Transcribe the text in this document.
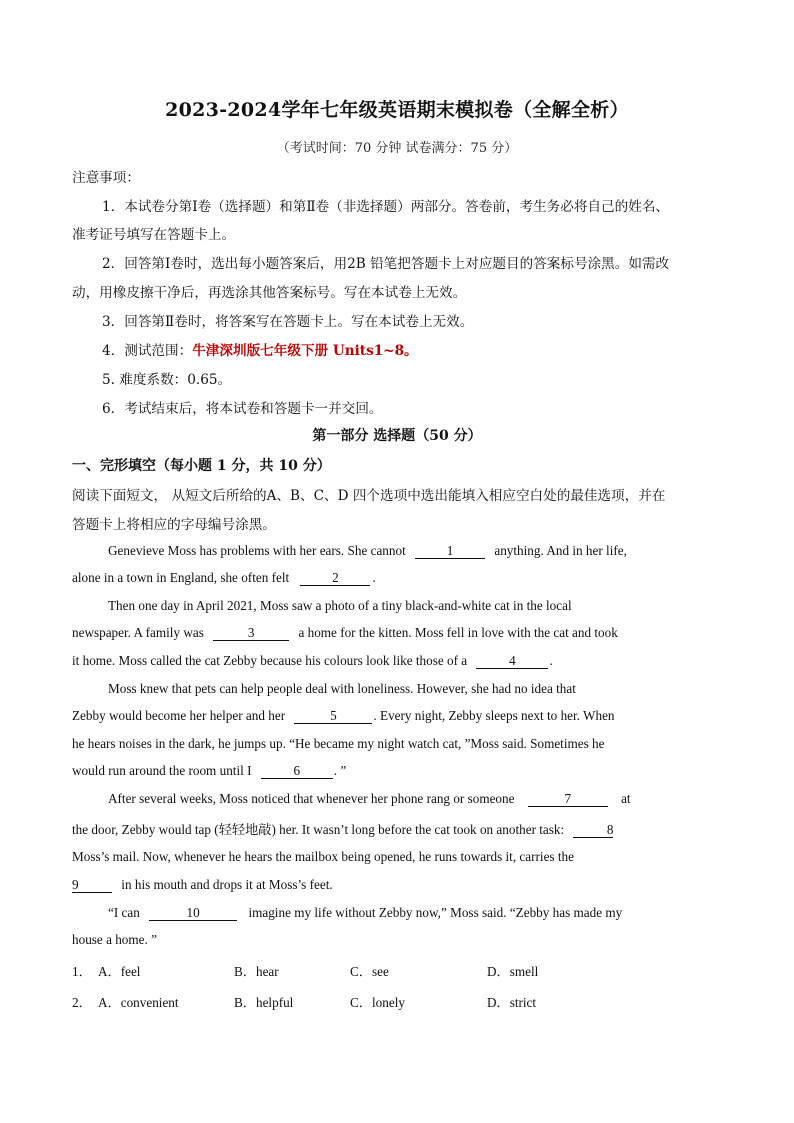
2023-2024学年七年级英语期末模拟卷（全解全析）
（考试时间：70 分钟 试卷满分：75 分）
注意事项：
1．本试卷分第Ⅰ卷（选择题）和第Ⅱ卷（非选择题）两部分。答卷前，考生务必将自己的姓名、
准考证号填写在答题卡上。
2．回答第Ⅰ卷时，选出每小题答案后，用2B 铅笔把答题卡上对应题目的答案标号涂黑。如需改
动，用橡皮擦干净后，再选涂其他答案标号。写在本试卷上无效。
3．回答第Ⅱ卷时，将答案写在答题卡上。写在本试卷上无效。
4．测试范围：牛津深圳版七年级下册 Units1~8。
5. 难度系数：0.65。
6．考试结束后，将本试卷和答题卡一并交回。
第一部分 选择题（50 分）
一、完形填空（每小题 1 分，共 10 分）
阅读下面短文， 从短文后所给的A、B、C、D 四个选项中选出能填入相应空白处的最佳选项，并在
答题卡上将相应的字母编号涂黑。
Genevieve Moss has problems with her ears. She cannot	1	anything. And in her life,
alone in a town in England, she often felt	2	.
Then one day in April 2021, Moss saw a photo of a tiny black-and-white cat in the local
newspaper. A family was	3	a home for the kitten. Moss fell in love with the cat and took
it home. Moss called the cat Zebby because his colours look like those of a	4	.
Moss knew that pets can help people deal with loneliness. However, she had no idea that
Zebby would become her helper and her	5	. Every night, Zebby sleeps next to her. When
he hears noises in the dark, he jumps up. “He became my night watch cat, ”Moss said. Sometimes he
would run around the room until I	6	. ”
After several weeks, Moss noticed that whenever her phone rang or someone	7	at
the door, Zebby would tap (轻轻地敲) her. It wasn’t long before the cat took on another task:	8
Moss’s mail. Now, whenever he hears the mailbox being opened, he runs towards it, carries the
9	in his mouth and drops it at Moss’s feet.
“I can	10	imagine my life without Zebby now,” Moss said. “Zebby has made my
house a home. ”
1． A．feel	B．hear	C．see	D．smell
2． A．convenient	B．helpful	C．lonely	D．strict
